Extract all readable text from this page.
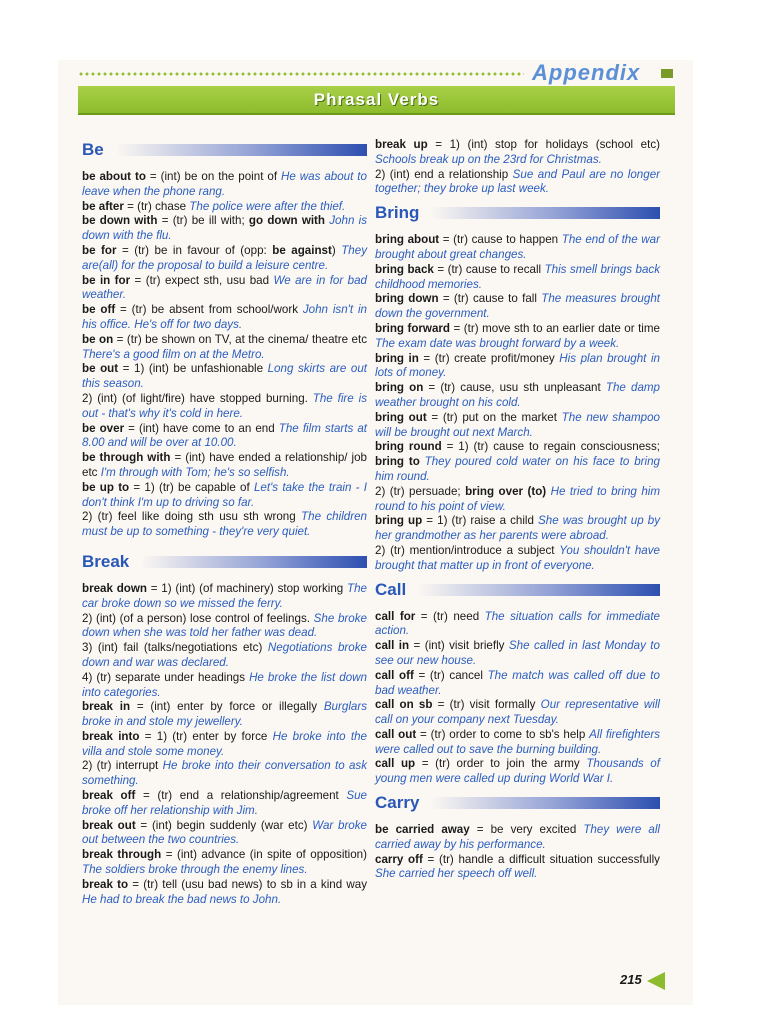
Appendix
Phrasal Verbs
Be

be about to = (int) be on the point of He was about to leave when the phone rang.

be after = (tr) chase The police were after the thief.

be down with = (tr) be ill with; go down with John is down with the flu.

be for = (tr) be in favour of (opp: be against) They are(all) for the proposal to build a leisure centre.

be in for = (tr) expect sth, usu bad We are in for bad weather.

be off = (tr) be absent from school/work John isn't in his office. He's off for two days.

be on = (tr) be shown on TV, at the cinema/ theatre etc There's a good film on at the Metro.

be out = 1) (int) be unfashionable Long skirts are out this season.

2) (int) (of light/fire) have stopped burning. The fire is out - that's why it's cold in here.

be over = (int) have come to an end The film starts at 8.00 and will be over at 10.00.

be through with = (int) have ended a relationship/ job etc I'm through with Tom; he's so selfish.

be up to = 1) (tr) be capable of Let's take the train - I don't think I'm up to driving so far.

2) (tr) feel like doing sth usu sth wrong The children must be up to something - they're very quiet.

Break

break down = 1) (int) (of machinery) stop working The car broke down so we missed the ferry.

2) (int) (of a person) lose control of feelings. She broke down when she was told her father was dead.

3) (int) fail (talks/negotiations etc) Negotiations broke down and war was declared.

4) (tr) separate under headings He broke the list down into categories.

break in = (int) enter by force or illegally Burglars broke in and stole my jewellery.

break into = 1) (tr) enter by force He broke into the villa and stole some money.

2) (tr) interrupt He broke into their conversation to ask something.

break off = (tr) end a relationship/agreement Sue broke off her relationship with Jim.

break out = (int) begin suddenly (war etc) War broke out between the two countries.

break through = (int) advance (in spite of opposition) The soldiers broke through the enemy lines.

break to = (tr) tell (usu bad news) to sb in a kind way He had to break the bad news to John.

break up = 1) (int) stop for holidays (school etc) Schools break up on the 23rd for Christmas.

2) (int) end a relationship Sue and Paul are no longer together; they broke up last week.

Bring

bring about = (tr) cause to happen The end of the war brought about great changes.

bring back = (tr) cause to recall This smell brings back childhood memories.

bring down = (tr) cause to fall The measures brought down the government.

bring forward = (tr) move sth to an earlier date or time The exam date was brought forward by a week.

bring in = (tr) create profit/money His plan brought in lots of money.

bring on = (tr) cause, usu sth unpleasant The damp weather brought on his cold.

bring out = (tr) put on the market The new shampoo will be brought out next March.

bring round = 1) (tr) cause to regain consciousness; bring to They poured cold water on his face to bring him round.

2) (tr) persuade; bring over (to) He tried to bring him round to his point of view.

bring up = 1) (tr) raise a child She was brought up by her grandmother as her parents were abroad.

2) (tr) mention/introduce a subject You shouldn't have brought that matter up in front of everyone.

Call

call for = (tr) need The situation calls for immediate action.

call in = (int) visit briefly She called in last Monday to see our new house.

call off = (tr) cancel The match was called off due to bad weather.

call on sb = (tr) visit formally Our representative will call on your company next Tuesday.

call out = (tr) order to come to sb's help All firefighters were called out to save the burning building.

call up = (tr) order to join the army Thousands of young men were called up during World War I.

Carry

be carried away = be very excited They were all carried away by his performance.

carry off = (tr) handle a difficult situation successfully She carried her speech off well.

215
